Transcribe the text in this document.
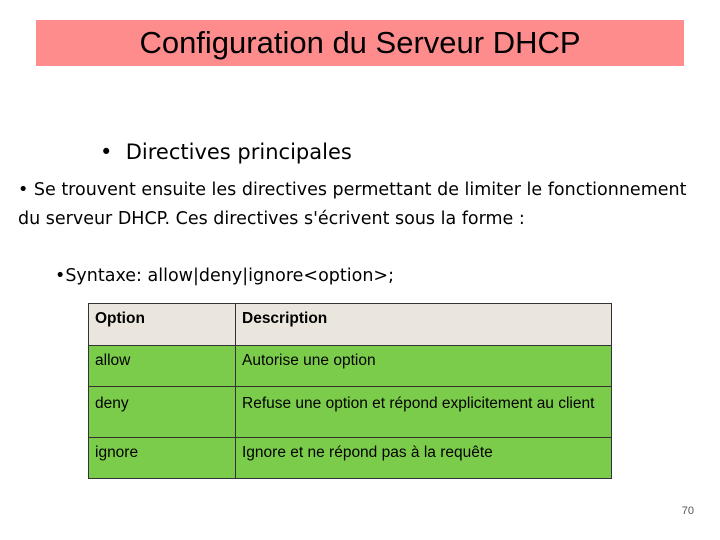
Configuration du Serveur DHCP
• Directives principales
• Se trouvent ensuite les directives permettant de limiter le fonctionnement du serveur DHCP. Ces directives s'écrivent sous la forme :
•Syntaxe: allow|deny|ignore<option>;
Option	Description
allow	Autorise une option
deny	Refuse une option et répond explicitement au client
ignore	Ignore et ne répond pas à la requête
70
